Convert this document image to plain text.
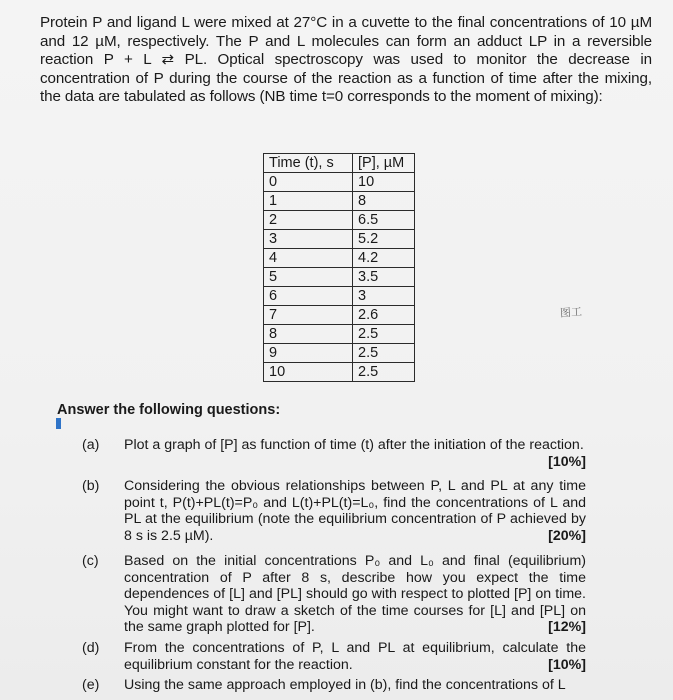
Protein P and ligand L were mixed at 27°C in a cuvette to the final concentrations of 10 µM and 12 µM, respectively. The P and L molecules can form an adduct LP in a reversible reaction P + L ⇄ PL. Optical spectroscopy was used to monitor the decrease in concentration of P during the course of the reaction as a function of time after the mixing, the data are tabulated as follows (NB time t=0 corresponds to the moment of mixing):

Time (t), s	[P], µM
0	10
1	8
2	6.5
3	5.2
4	4.2
5	3.5
6	3
7	2.6
8	2.5
9	2.5
10	2.5
图工
Answer the following questions:
(a) Plot a graph of [P] as function of time (t) after the initiation of the reaction.
[10%]
(b) Considering the obvious relationships between P, L and PL at any time point t, P(t)+PL(t)=P₀ and L(t)+PL(t)=L₀, find the concentrations of L and PL at the equilibrium (note the equilibrium concentration of P achieved by 8 s is 2.5 µM).	[20%]
(c) Based on the initial concentrations P₀ and L₀ and final (equilibrium) concentration of P after 8 s, describe how you expect the time dependences of [L] and [PL] should go with respect to plotted [P] on time. You might want to draw a sketch of the time courses for [L] and [PL] on the same graph plotted for [P].	[12%]
(d) From the concentrations of P, L and PL at equilibrium, calculate the equilibrium constant for the reaction.	[10%]
(e) Using the same approach employed in (b), find the concentrations of L
